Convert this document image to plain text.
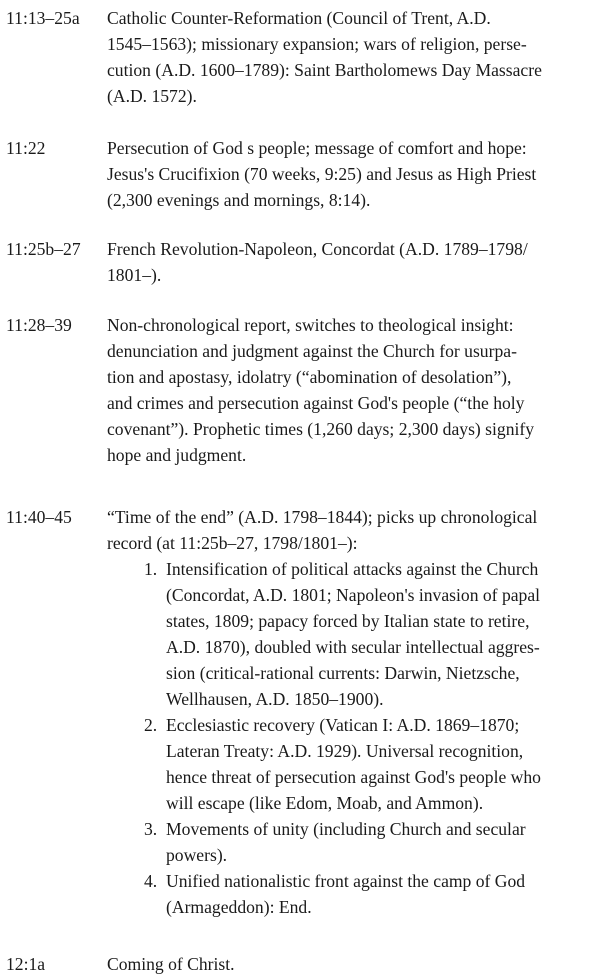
11:13–25a Catholic Counter-Reformation (Council of Trent, A.D.
1545–1563); missionary expansion; wars of religion, perse-
cution (A.D. 1600–1789): Saint Bartholomews Day Massacre
(A.D. 1572).
11:22	Persecution of God s people; message of comfort and hope:
Jesus's Crucifixion (70 weeks, 9:25) and Jesus as High Priest
(2,300 evenings and mornings, 8:14).
11:25b–27 French Revolution-Napoleon, Concordat (A.D. 1789–1798/
1801–).
11:28–39 Non-chronological report, switches to theological insight:
denunciation and judgment against the Church for usurpa-
tion and apostasy, idolatry (“abomination of desolation”),
and crimes and persecution against God's people (“the holy
covenant”). Prophetic times (1,260 days; 2,300 days) signify
hope and judgment.
11:40–45 “Time of the end” (A.D. 1798–1844); picks up chronological
record (at 11:25b–27, 1798/1801–):
1. Intensification of political attacks against the Church
(Concordat, A.D. 1801; Napoleon's invasion of papal
states, 1809; papacy forced by Italian state to retire,
A.D. 1870), doubled with secular intellectual aggres-
sion (critical-rational currents: Darwin, Nietzsche,
Wellhausen, A.D. 1850–1900).
2. Ecclesiastic recovery (Vatican I: A.D. 1869–1870;
Lateran Treaty: A.D. 1929). Universal recognition,
hence threat of persecution against God's people who
will escape (like Edom, Moab, and Ammon).
3. Movements of unity (including Church and secular
powers).
4. Unified nationalistic front against the camp of God
(Armageddon): End.
12:1a	Coming of Christ.
